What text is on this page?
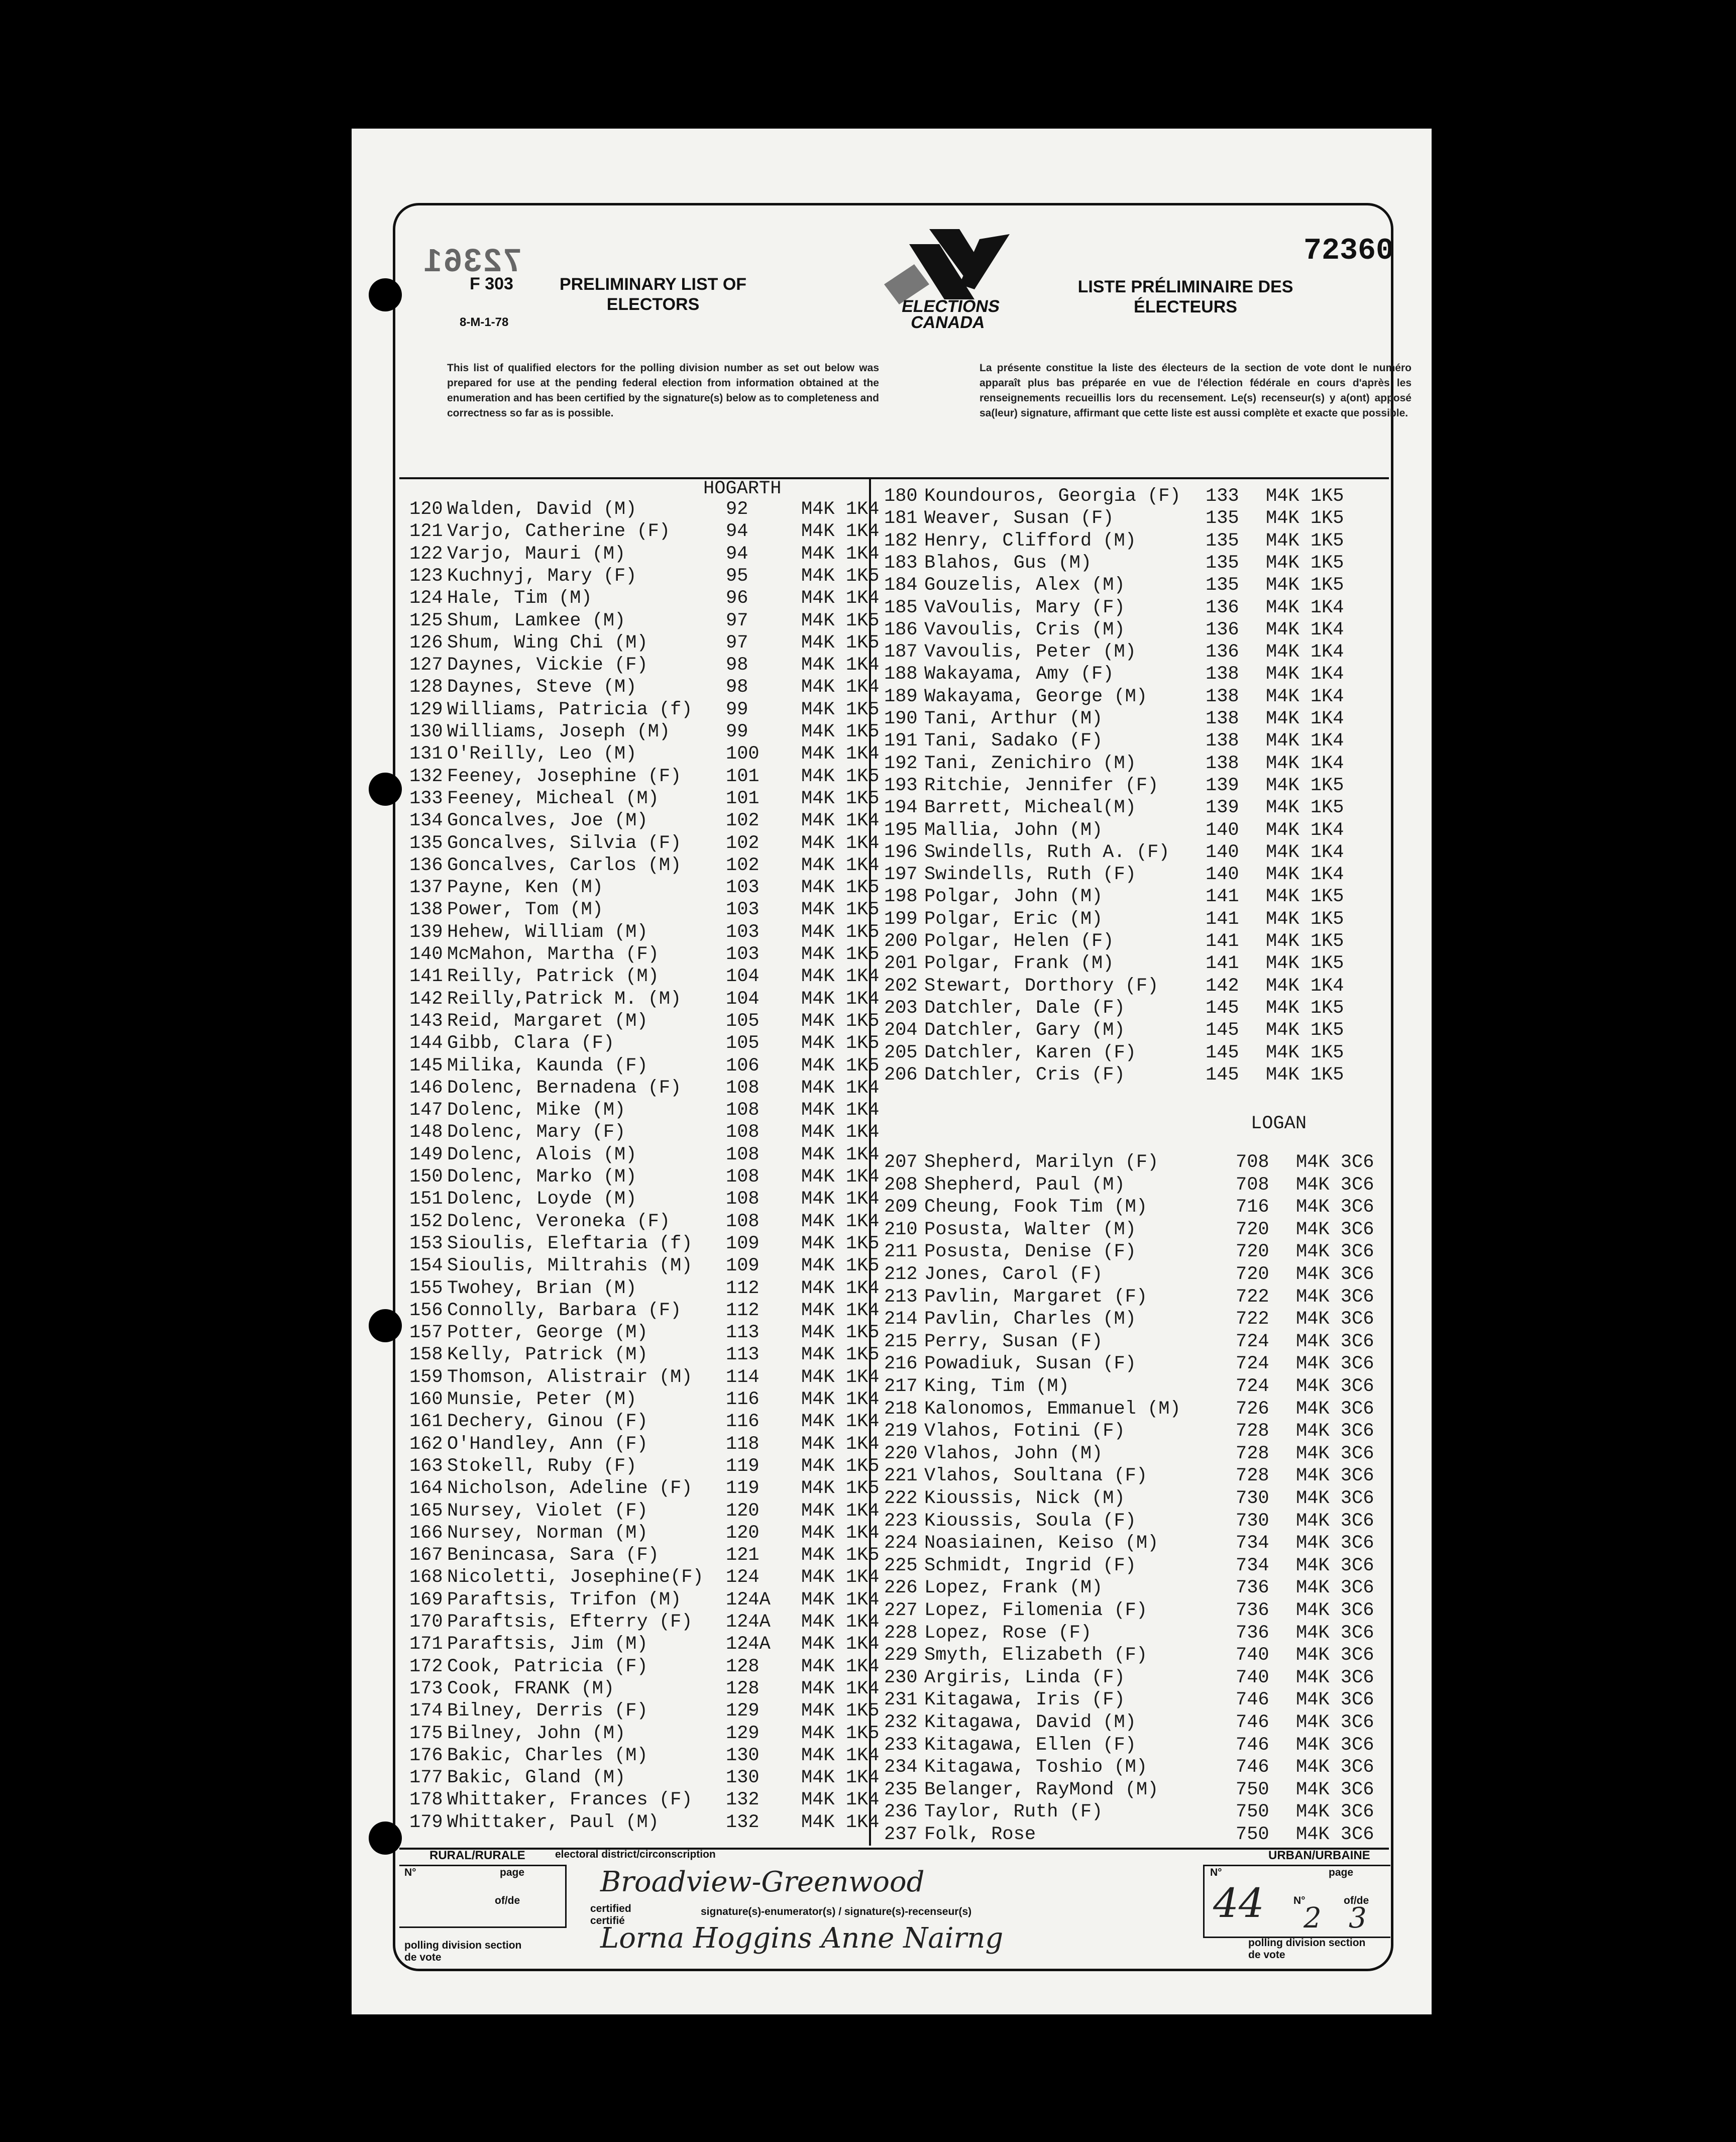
72361
F 303
8-M-1-78
PRELIMINARY LIST OF ELECTORS
LISTE PRÉLIMINAIRE DES ÉLECTEURS
72360
ELECTIONS CANADA
This list of qualified electors for the polling division number as set out below was prepared for use at the pending federal election from information obtained at the enumeration and has been certified by the signature(s) below as to completeness and correctness so far as is possible.
La présente constitue la liste des électeurs de la section de vote dont le numéro apparaît plus bas préparée en vue de l'élection fédérale en cours d'après les renseignements recueillis lors du recensement. Le(s) recenseur(s) y a(ont) apposé sa(leur) signature, affirmant que cette liste est aussi complète et exacte que possible.
HOGARTH
120 Walden, David (M)	92	M4K 1K4
121 Varjo, Catherine (F)	94	M4K 1K4
122 Varjo, Mauri (M)	94	M4K 1K4
123 Kuchnyj, Mary (F)	95	M4K 1K5
124 Hale, Tim (M)	96	M4K 1K4
125 Shum, Lamkee (M)	97	M4K 1K5
126 Shum, Wing Chi (M)	97	M4K 1K5
127 Daynes, Vickie (F)	98	M4K 1K4
128 Daynes, Steve (M)	98	M4K 1K4
129 Williams, Patricia (f) 99	M4K 1K5
130 Williams, Joseph (M)	99	M4K 1K5
131 O'Reilly, Leo (M)	100 M4K 1K4
132 Feeney, Josephine (F) 101 M4K 1K5
133 Feeney, Micheal (M)	101 M4K 1K5
134 Goncalves, Joe (M)	102 M4K 1K4
135 Goncalves, Silvia (F) 102 M4K 1K4
136 Goncalves, Carlos (M) 102 M4K 1K4
137 Payne, Ken (M)	103 M4K 1K5
138 Power, Tom (M)	103 M4K 1K5
139 Hehew, William (M)	103 M4K 1K5
140 McMahon, Martha (F)	103 M4K 1K5
141 Reilly, Patrick (M)	104 M4K 1K4
142 Reilly,Patrick M. (M) 104 M4K 1K4
143 Reid, Margaret (M)	105 M4K 1K5
144 Gibb, Clara (F)	105 M4K 1K5
145 Milika, Kaunda (F)	106 M4K 1K5
146 Dolenc, Bernadena (F) 108 M4K 1K4
147 Dolenc, Mike (M)	108 M4K 1K4
148 Dolenc, Mary (F)	108 M4K 1K4
149 Dolenc, Alois (M)	108 M4K 1K4
150 Dolenc, Marko (M)	108 M4K 1K4
151 Dolenc, Loyde (M)	108 M4K 1K4
152 Dolenc, Veroneka (F)	108 M4K 1K4
153 Sioulis, Eleftaria (f) 109 M4K 1K5
154 Sioulis, Miltrahis (M) 109 M4K 1K5
155 Twohey, Brian (M)	112 M4K 1K4
156 Connolly, Barbara (F) 112 M4K 1K4
157 Potter, George (M)	113 M4K 1K5
158 Kelly, Patrick (M)	113 M4K 1K5
159 Thomson, Alistrair (M) 114 M4K 1K4
160 Munsie, Peter (M)	116 M4K 1K4
161 Dechery, Ginou (F)	116 M4K 1K4
162 O'Handley, Ann (F)	118 M4K 1K4
163 Stokell, Ruby (F)	119 M4K 1K5
164 Nicholson, Adeline (F) 119 M4K 1K5
165 Nursey, Violet (F)	120 M4K 1K4
166 Nursey, Norman (M)	120 M4K 1K4
167 Benincasa, Sara (F)	121 M4K 1K5
168 Nicoletti, Josephine(F) 124 M4K 1K4
169 Paraftsis, Trifon (M) 124A M4K 1K4
170 Paraftsis, Efterry (F) 124A M4K 1K4
171 Paraftsis, Jim (M)	124A M4K 1K4
172 Cook, Patricia (F)	128 M4K 1K4
173 Cook, FRANK (M)	128 M4K 1K4
174 Bilney, Derris (F)	129 M4K 1K5
175 Bilney, John (M)	129 M4K 1K5
176 Bakic, Charles (M)	130 M4K 1K4
177 Bakic, Gland (M)	130 M4K 1K4
178 Whittaker, Frances (F) 132 M4K 1K4
179 Whittaker, Paul (M)	132 M4K 1K4
180 Koundouros, Georgia (F) 133 M4K 1K5
181 Weaver, Susan (F)	135 M4K 1K5
182 Henry, Clifford (M)	135 M4K 1K5
183 Blahos, Gus (M)	135 M4K 1K5
184 Gouzelis, Alex (M)	135 M4K 1K5
185 VaVoulis, Mary (F)	136 M4K 1K4
186 Vavoulis, Cris (M)	136 M4K 1K4
187 Vavoulis, Peter (M)	136 M4K 1K4
188 Wakayama, Amy (F)	138 M4K 1K4
189 Wakayama, George (M)	138 M4K 1K4
190 Tani, Arthur (M)	138 M4K 1K4
191 Tani, Sadako (F)	138 M4K 1K4
192 Tani, Zenichiro (M)	138 M4K 1K4
193 Ritchie, Jennifer (F)	139 M4K 1K5
194 Barrett, Micheal(M)	139 M4K 1K5
195 Mallia, John (M)	140 M4K 1K4
196 Swindells, Ruth A. (F) 140 M4K 1K4
197 Swindells, Ruth (F)	140 M4K 1K4
198 Polgar, John (M)	141 M4K 1K5
199 Polgar, Eric (M)	141 M4K 1K5
200 Polgar, Helen (F)	141 M4K 1K5
201 Polgar, Frank (M)	141 M4K 1K5
202 Stewart, Dorthory (F)	142 M4K 1K4
203 Datchler, Dale (F)	145 M4K 1K5
204 Datchler, Gary (M)	145 M4K 1K5
205 Datchler, Karen (F)	145 M4K 1K5
206 Datchler, Cris (F)	145 M4K 1K5
LOGAN
207 Shepherd, Marilyn (F)	708 M4K 3C6
208 Shepherd, Paul (M)	708 M4K 3C6
209 Cheung, Fook Tim (M)	716 M4K 3C6
210 Posusta, Walter (M)	720 M4K 3C6
211 Posusta, Denise (F)	720 M4K 3C6
212 Jones, Carol (F)	720 M4K 3C6
213 Pavlin, Margaret (F)	722 M4K 3C6
214 Pavlin, Charles (M)	722 M4K 3C6
215 Perry, Susan (F)	724 M4K 3C6
216 Powadiuk, Susan (F)	724 M4K 3C6
217 King, Tim (M)	724 M4K 3C6
218 Kalonomos, Emmanuel (M)	726 M4K 3C6
219 Vlahos, Fotini (F)	728 M4K 3C6
220 Vlahos, John (M)	728 M4K 3C6
221 Vlahos, Soultana (F)	728 M4K 3C6
222 Kioussis, Nick (M)	730 M4K 3C6
223 Kioussis, Soula (F)	730 M4K 3C6
224 Noasiainen, Keiso (M)	734 M4K 3C6
225 Schmidt, Ingrid (F)	734 M4K 3C6
226 Lopez, Frank (M)	736 M4K 3C6
227 Lopez, Filomenia (F)	736 M4K 3C6
228 Lopez, Rose (F)	736 M4K 3C6
229 Smyth, Elizabeth (F)	740 M4K 3C6
230 Argiris, Linda (F)	740 M4K 3C6
231 Kitagawa, Iris (F)	746 M4K 3C6
232 Kitagawa, David (M)	746 M4K 3C6
233 Kitagawa, Ellen (F)	746 M4K 3C6
234 Kitagawa, Toshio (M)	746 M4K 3C6
235 Belanger, RayMond (M)	750 M4K 3C6
236 Taylor, Ruth (F)	750 M4K 3C6
237 Folk, Rose	750 M4K 3C6
RURAL/RURALE	URBAN/URBAINE
electoral district/circonscription
N°	page
of/de
polling division section de vote
Broadview-Greenwood
certified certifié
signature(s)-enumerator(s) / signature(s)-recenseur(s)
Lorna Hoggins Anne Nairng
N°	page
44	N°	of/de
2 3
polling division section de vote
